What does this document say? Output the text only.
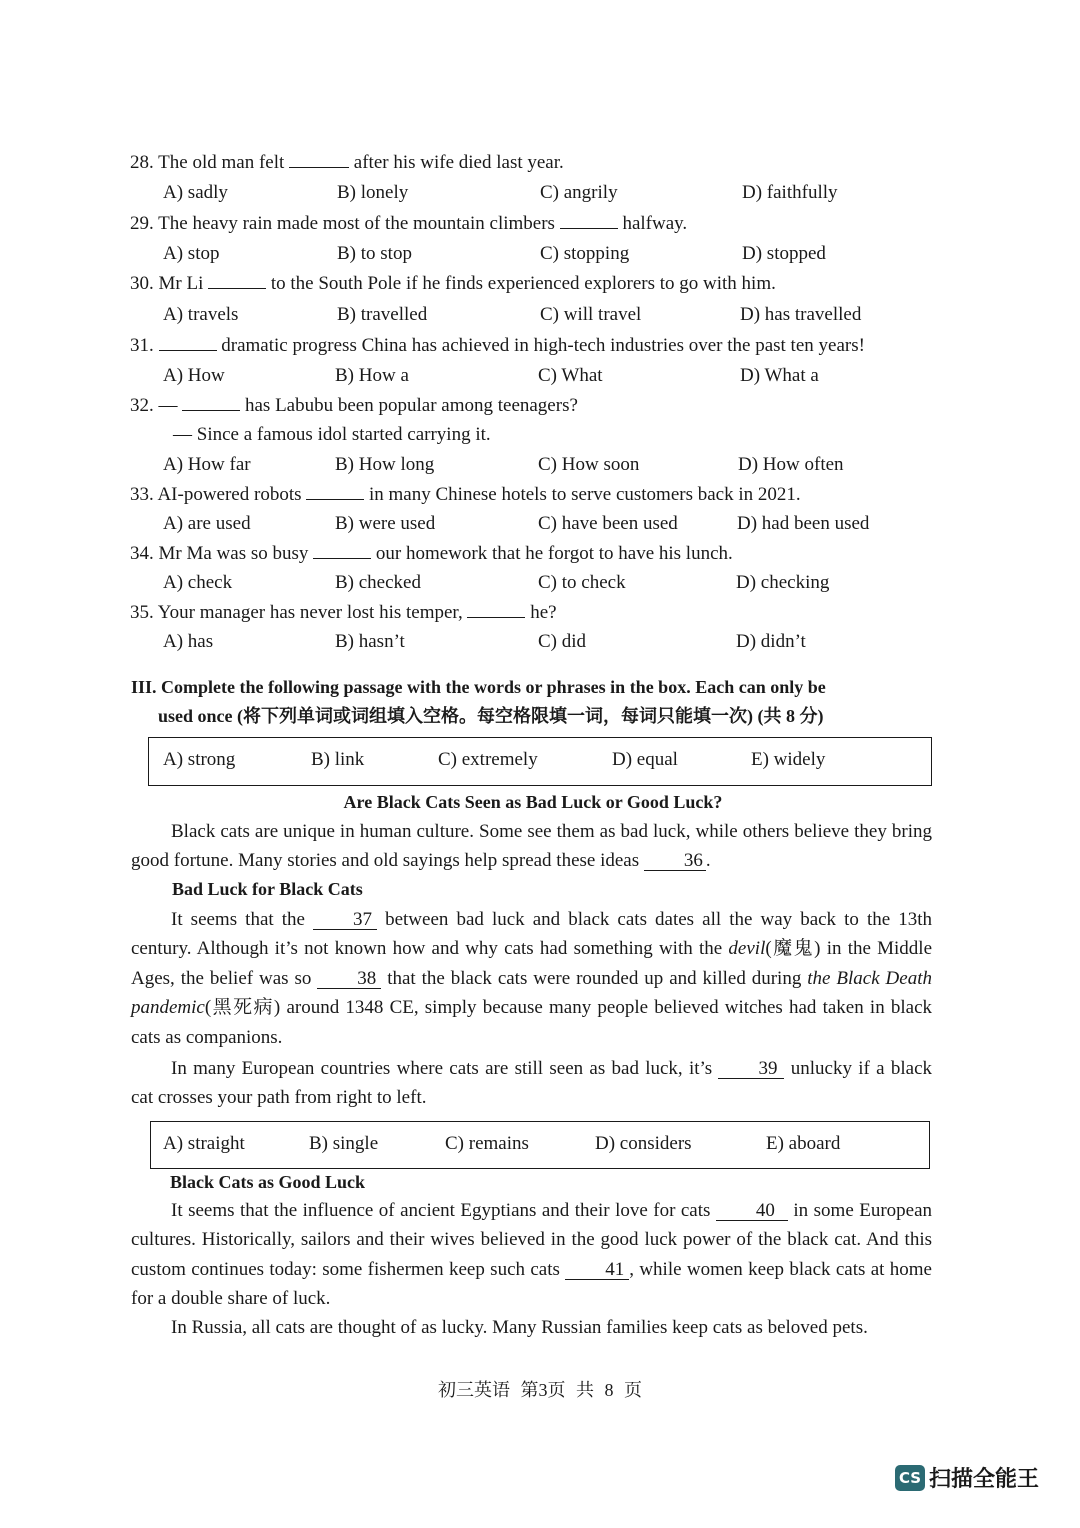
28. The old man felt	after his wife died last year.
A) sadly	B) lonely	C) angrily	D) faithfully
29. The heavy rain made most of the mountain climbers	halfway.
A) stop	B) to stop	C) stopping	D) stopped
30. Mr Li	to the South Pole if he finds experienced explorers to go with him.
A) travels	B) travelled	C) will travel	D) has travelled
31.	dramatic progress China has achieved in high-tech industries over the past ten years!
A) How	B) How a	C) What	D) What a
32. —	has Labubu been popular among teenagers?
— Since a famous idol started carrying it.
A) How far	B) How long	C) How soon	D) How often
33. AI-powered robots	in many Chinese hotels to serve customers back in 2021.
A) are used	B) were used	C) have been used	D) had been used
34. Mr Ma was so busy	our homework that he forgot to have his lunch.
A) check	B) checked	C) to check	D) checking
35. Your manager has never lost his temper,	he?
A) has	B) hasn’t	C) did	D) didn’t
III. Complete the following passage with the words or phrases in the box. Each can only be
used once (将下列单词或词组填入空格。每空格限填一词，每词只能填一次) (共 8 分)
A) strong	B) link	C) extremely	D) equal	E) widely
Are Black Cats Seen as Bad Luck or Good Luck?
Black cats are unique in human culture. Some see them as bad luck, while others believe they bring good fortune. Many stories and old sayings help spread these ideas 36 .
Bad Luck for Black Cats
It seems that the	37 between bad luck and black cats dates all the way back to the 13th century. Although it’s not known how and why cats had something with the devil(魔鬼) in the Middle Ages, the belief was so 38 that the black cats were rounded up and killed during the Black Death pandemic(黑死病) around 1348 CE, simply because many people believed witches had taken in black cats as companions.
In many European countries where cats are still seen as bad luck, it’s 39 unlucky if a black cat crosses your path from right to left.
A) straight	B) single	C) remains	D) considers	E) aboard
Black Cats as Good Luck
It seems that the influence of ancient Egyptians and their love for cats 40 in some European cultures. Historically, sailors and their wives believed in the good luck power of the black cat. And this custom continues today: some fishermen keep such cats 41 , while women keep black cats at home for a double share of luck.
In Russia, all cats are thought of as lucky. Many Russian families keep cats as beloved pets.
初三英语 第3页 共 8 页
CS 扫描全能王
